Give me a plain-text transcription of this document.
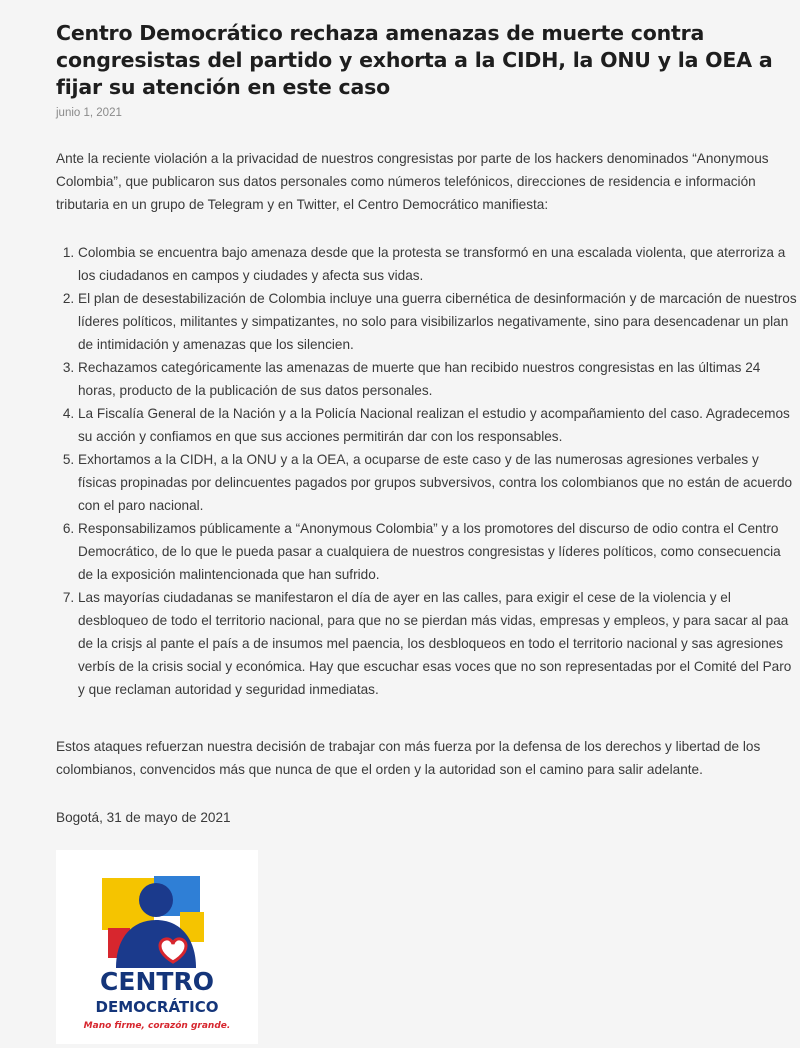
Centro Democrático rechaza amenazas de muerte contra congresistas del partido y exhorta a la CIDH, la ONU y la OEA a fijar su atención en este caso
junio 1, 2021

Ante la reciente violación a la privacidad de nuestros congresistas por parte de los hackers denominados “Anonymous Colombia”, que publicaron sus datos personales como números telefónicos, direcciones de residencia e información tributaria en un grupo de Telegram y en Twitter, el Centro Democrático manifiesta:

1. Colombia se encuentra bajo amenaza desde que la protesta se transformó en una escalada violenta, que aterroriza a los ciudadanos en campos y ciudades y afecta sus vidas.
2. El plan de desestabilización de Colombia incluye una guerra cibernética de desinformación y de marcación de nuestros líderes políticos, militantes y simpatizantes, no solo para visibilizarlos negativamente, sino para desencadenar un plan de intimidación y amenazas que los silencien.
3. Rechazamos categóricamente las amenazas de muerte que han recibido nuestros congresistas en las últimas 24 horas, producto de la publicación de sus datos personales.
4. La Fiscalía General de la Nación y a la Policía Nacional realizan el estudio y acompañamiento del caso. Agradecemos su acción y confiamos en que sus acciones permitirán dar con los responsables.
5. Exhortamos a la CIDH, a la ONU y a la OEA, a ocuparse de este caso y de las numerosas agresiones verbales y físicas propinadas por delincuentes pagados por grupos subversivos, contra los colombianos que no están de acuerdo con el paro nacional.
6. Responsabilizamos públicamente a “Anonymous Colombia” y a los promotores del discurso de odio contra el Centro Democrático, de lo que le pueda pasar a cualquiera de nuestros congresistas y líderes políticos, como consecuencia de la exposición malintencionada que han sufrido.
7. Las mayorías ciudadanas se manifestaron el día de ayer en las calles, para exigir el cese de la violencia y el desbloqueo de todo el territorio nacional, para que no se pierdan más vidas, empresas y empleos, y para sacar al paa de la crisjs al pante el país a de insumos mel paencia, los desbloqueos en todo el territorio nacional y sas agresiones verbís de la crisis social y económica. Hay que escuchar esas voces que no son representadas por el Comité del Paro y que reclaman autoridad y seguridad inmediatas.

Estos ataques refuerzan nuestra decisión de trabajar con más fuerza por la defensa de los derechos y libertad de los colombianos, convencidos más que nunca de que el orden y la autoridad son el camino para salir adelante.

Bogotá, 31 de mayo de 2021

CENTRO
DEMOCRÁTICO
Mano firme, corazón grande.
